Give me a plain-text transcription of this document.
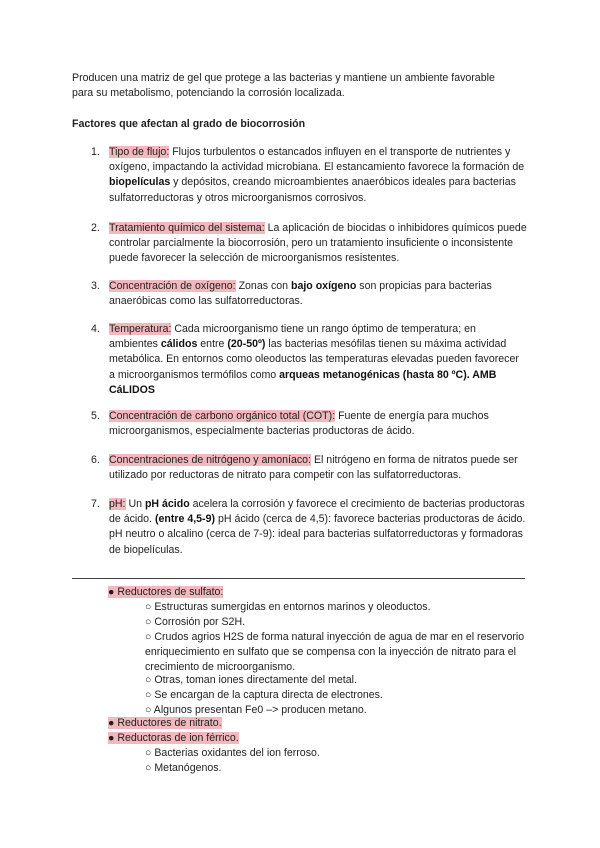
Producen una matriz de gel que protege a las bacterias y mantiene un ambiente favorable
para su metabolismo, potenciando la corrosión localizada.
Factores que afectan al grado de biocorrosión
1. Tipo de flujo: Flujos turbulentos o estancados influyen en el transporte de nutrientes y oxígeno, impactando la actividad microbiana. El estancamiento favorece la formación de biopelículas y depósitos, creando microambientes anaeróbicos ideales para bacterias sulfatorreductoras y otros microorganismos corrosivos.
2. Tratamiento químico del sistema: La aplicación de biocidas o inhibidores químicos puede controlar parcialmente la biocorrosión, pero un tratamiento insuficiente o inconsistente puede favorecer la selección de microorganismos resistentes.
3. Concentración de oxígeno: Zonas con bajo oxígeno son propicias para bacterias anaeróbicas como las sulfatorreductoras.
4. Temperatura: Cada microorganismo tiene un rango óptimo de temperatura; en ambientes cálidos entre (20-50º) las bacterias mesófilas tienen su máxima actividad metabólica. En entornos como oleoductos las temperaturas elevadas pueden favorecer a microorganismos termófilos como arqueas metanogénicas (hasta 80 ºC). AMB CáLIDOS
5. Concentración de carbono orgánico total (COT): Fuente de energía para muchos microorganismos, especialmente bacterias productoras de ácido.
6. Concentraciones de nitrógeno y amoníaco: El nitrógeno en forma de nitratos puede ser utilizado por reductoras de nitrato para competir con las sulfatorreductoras.
7. pH: Un pH ácido acelera la corrosión y favorece el crecimiento de bacterias productoras de ácido. (entre 4,5-9) pH ácido (cerca de 4,5): favorece bacterias productoras de ácido. pH neutro o alcalino (cerca de 7-9): ideal para bacterias sulfatorreductoras y formadoras de biopelículas.
● Reductores de sulfato:
○ Estructuras sumergidas en entornos marinos y oleoductos.
○ Corrosión por S2H.
○ Crudos agrios H2S de forma natural inyección de agua de mar en el reservorio enriquecimiento en sulfato que se compensa con la inyección de nitrato para el crecimiento de microorganismo.
○ Otras, toman iones directamente del metal.
○ Se encargan de la captura directa de electrones.
○ Algunos presentan Fe0 –> producen metano.
● Reductores de nitrato.
● Reductoras de ion férrico.
○ Bacterias oxidantes del ion ferroso.
○ Metanógenos.
